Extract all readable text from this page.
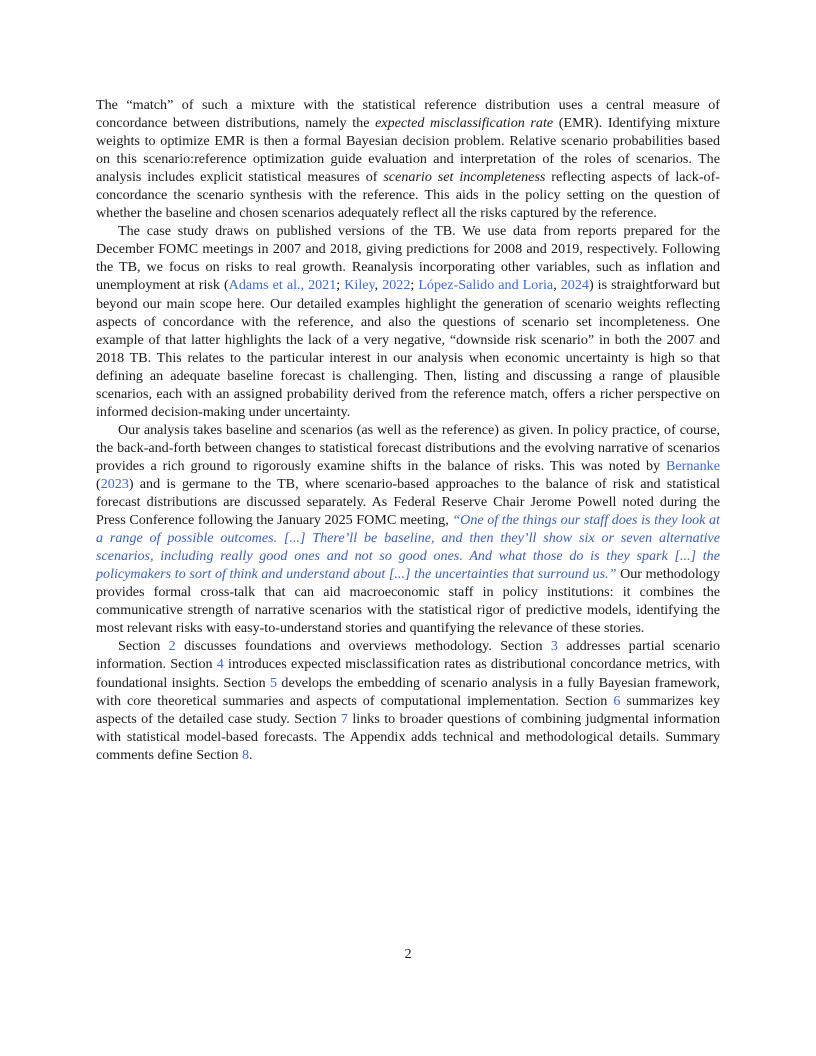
The “match” of such a mixture with the statistical reference distribution uses a central measure of concordance between distributions, namely the expected misclassification rate (EMR). Identifying mixture weights to optimize EMR is then a formal Bayesian decision problem. Relative scenario probabilities based on this scenario:reference optimization guide evaluation and interpretation of the roles of scenarios. The analysis includes explicit statistical measures of scenario set incompleteness reflecting aspects of lack-of-concordance the scenario synthesis with the reference. This aids in the policy setting on the question of whether the baseline and chosen scenarios adequately reflect all the risks captured by the reference.

The case study draws on published versions of the TB. We use data from reports prepared for the December FOMC meetings in 2007 and 2018, giving predictions for 2008 and 2019, respectively. Following the TB, we focus on risks to real growth. Reanalysis incorporating other variables, such as inflation and unemployment at risk (Adams et al., 2021; Kiley, 2022; López-Salido and Loria, 2024) is straightforward but beyond our main scope here. Our detailed examples highlight the generation of scenario weights reflecting aspects of concordance with the reference, and also the questions of scenario set incompleteness. One example of that latter highlights the lack of a very negative, “downside risk scenario” in both the 2007 and 2018 TB. This relates to the particular interest in our analysis when economic uncertainty is high so that defining an adequate baseline forecast is challenging. Then, listing and discussing a range of plausible scenarios, each with an assigned probability derived from the reference match, offers a richer perspective on informed decision-making under uncertainty.

Our analysis takes baseline and scenarios (as well as the reference) as given. In policy practice, of course, the back-and-forth between changes to statistical forecast distributions and the evolving narrative of scenarios provides a rich ground to rigorously examine shifts in the balance of risks. This was noted by Bernanke (2023) and is germane to the TB, where scenario-based approaches to the balance of risk and statistical forecast distributions are discussed separately. As Federal Reserve Chair Jerome Powell noted during the Press Conference following the January 2025 FOMC meeting, “One of the things our staff does is they look at a range of possible outcomes. [...] There’ll be baseline, and then they’ll show six or seven alternative scenarios, including really good ones and not so good ones. And what those do is they spark [...] the policymakers to sort of think and understand about [...] the uncertainties that surround us.” Our methodology provides formal cross-talk that can aid macroeconomic staff in policy institutions: it combines the communicative strength of narrative scenarios with the statistical rigor of predictive models, identifying the most relevant risks with easy-to-understand stories and quantifying the relevance of these stories.

Section 2 discusses foundations and overviews methodology. Section 3 addresses partial scenario information. Section 4 introduces expected misclassification rates as distributional concordance metrics, with foundational insights. Section 5 develops the embedding of scenario analysis in a fully Bayesian framework, with core theoretical summaries and aspects of computational implementation. Section 6 summarizes key aspects of the detailed case study. Section 7 links to broader questions of combining judgmental information with statistical model-based forecasts. The Appendix adds technical and methodological details. Summary comments define Section 8.

2
